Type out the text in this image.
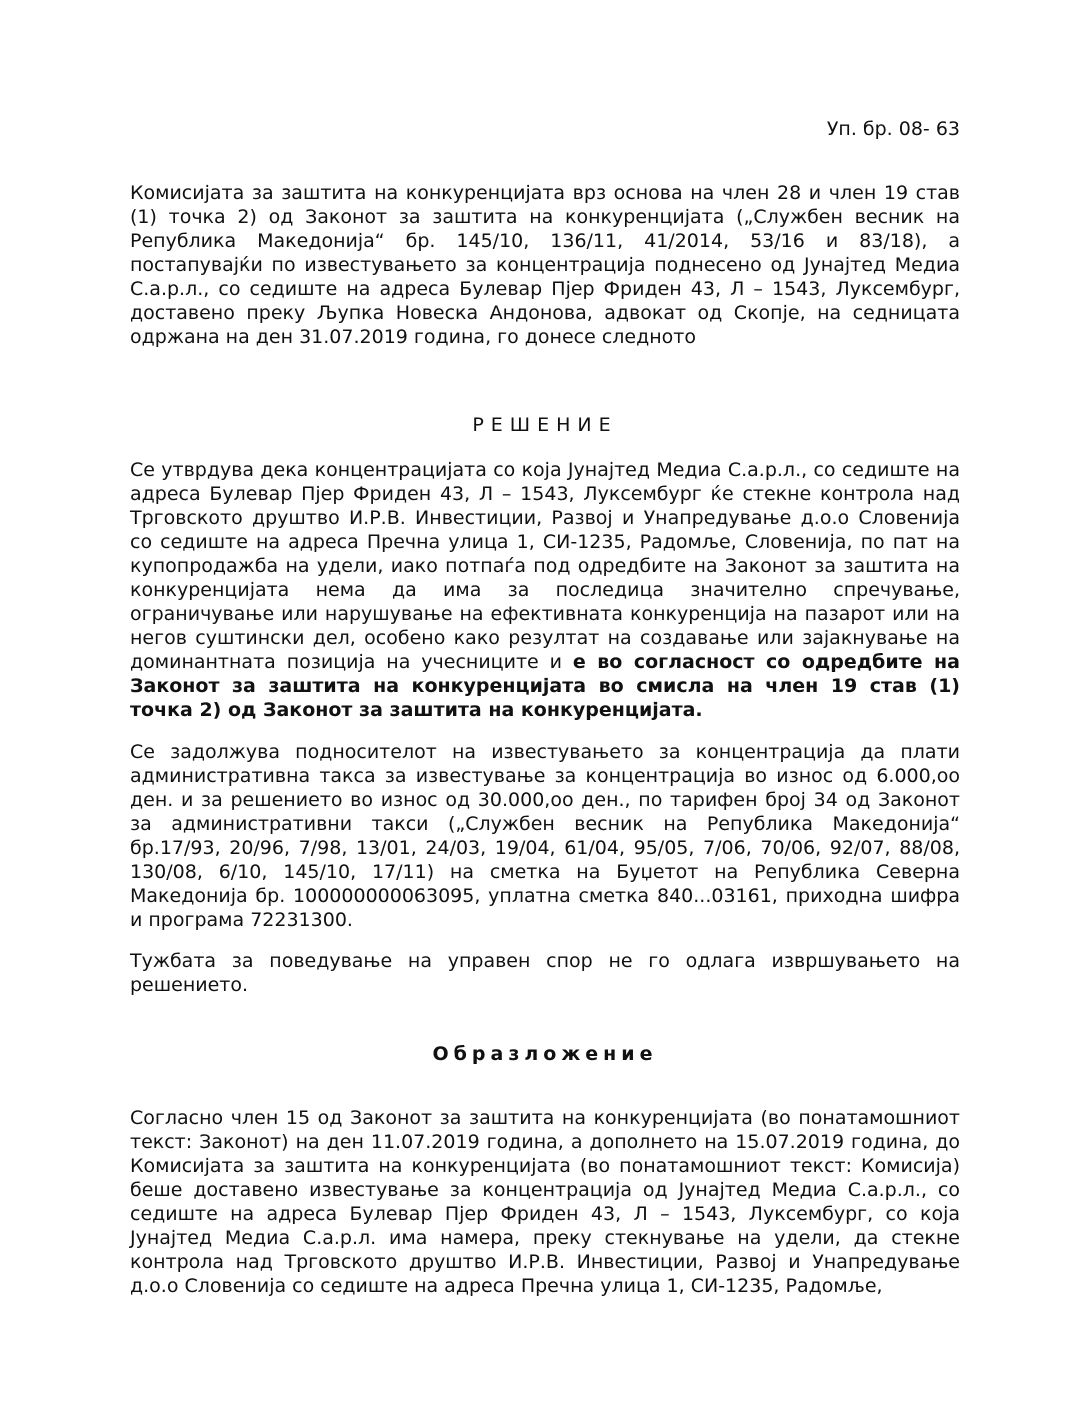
Уп. бр. 08- 63

Комисијата за заштита на конкуренцијата врз основа на член 28 и член 19 став (1) точка 2) од Законот за заштита на конкуренцијата („Службен весник на Република Македонија“ бр. 145/10, 136/11, 41/2014, 53/16 и 83/18), а постапувајќи по известувањето за концентрација поднесено од Јунајтед Медиа С.а.р.л., со седиште на адреса Булевар Пјер Фриден 43, Л – 1543, Луксембург, доставено преку Љупка Новеска Андонова, адвокат од Скопје, на седницата одржана на ден 31.07.2019 година, го донесе следното

РЕШЕНИЕ

Се утврдува дека концентрацијата со која Јунајтед Медиа С.а.р.л., со седиште на адреса Булевар Пјер Фриден 43, Л – 1543, Луксембург ќе стекне контрола над Трговското друштво И.Р.В. Инвестиции, Развој и Унапредување д.о.о Словенија со седиште на адреса Пречна улица 1, СИ-1235, Радомље, Словенија, по пат на купопродажба на удели, иако потпаѓа под одредбите на Законот за заштита на конкуренцијата нема да има за последица значително спречување, ограничување или нарушување на ефективната конкуренција на пазарот или на негов суштински дел, особено како резултат на создавање или зајакнување на доминантната позиција на учесниците и е во согласност со одредбите на Законот за заштита на конкуренцијата во смисла на член 19 став (1) точка 2) од Законот за заштита на конкуренцијата.

Се задолжува подносителот на известувањето за концентрација да плати административна такса за известување за концентрација во износ од 6.000,оо ден. и за решението во износ од 30.000,оо ден., по тарифен број 34 од Законот за административни такси („Службен весник на Република Македонија“ бр.17/93, 20/96, 7/98, 13/01, 24/03, 19/04, 61/04, 95/05, 7/06, 70/06, 92/07, 88/08, 130/08, 6/10, 145/10, 17/11) на сметка на Буџетот на Република Северна Македонија бр. 100000000063095, уплатна сметка 840...03161, приходна шифра и програма 72231300.

Тужбата за поведување на управен спор не го одлага извршувањето на решението.

Образложение

Согласно член 15 од Законот за заштита на конкуренцијата (во понатамошниот текст: Законот) на ден 11.07.2019 година, а дополнето на 15.07.2019 година, до Комисијата за заштита на конкуренцијата (во понатамошниот текст: Комисија) беше доставено известување за концентрација од Јунајтед Медиа С.а.р.л., со седиште на адреса Булевар Пјер Фриден 43, Л – 1543, Луксембург, со која Јунајтед Медиа С.а.р.л. има намера, преку стекнување на удели, да стекне контрола над Трговското друштво И.Р.В. Инвестиции, Развој и Унапредување д.о.о Словенија со седиште на адреса Пречна улица 1, СИ-1235, Радомље,
